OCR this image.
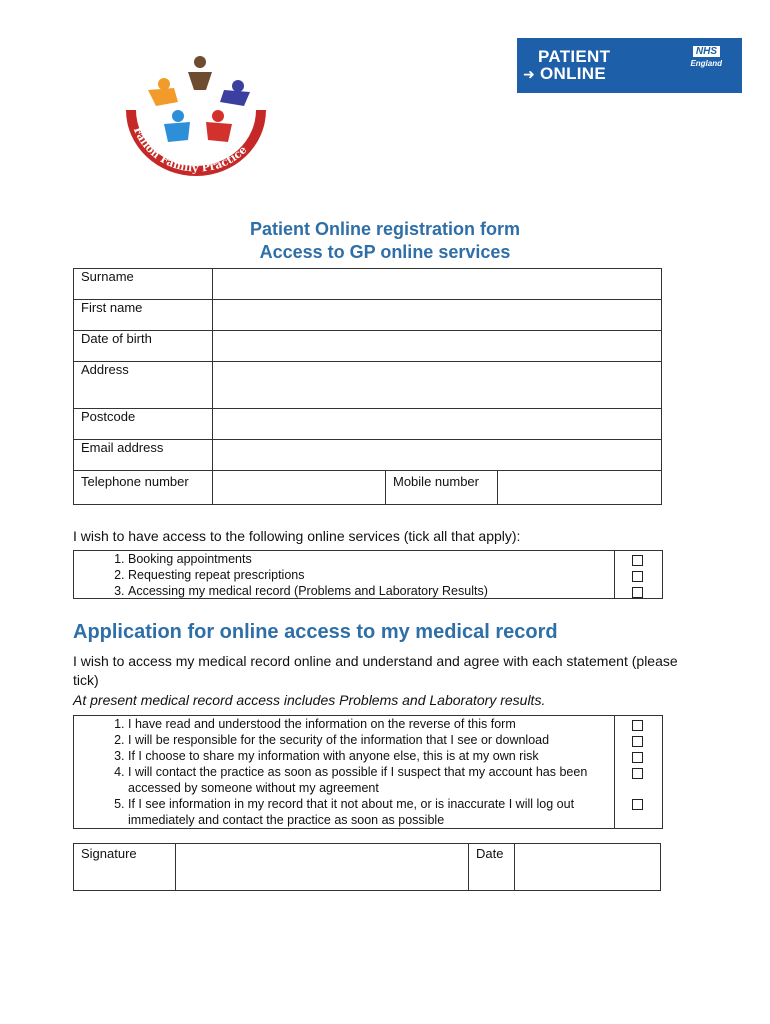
Fallon Family Practice
PATIENT
ONLINE
➜
NHS
England
Patient Online registration form
Access to GP online services
Surname			
First name			
Date of birth			
Address			
Postcode			
Email address			
Telephone number		Mobile number	
I wish to have access to the following online services (tick all that apply):
1. Booking appointments
2. Requesting repeat prescriptions
3. Accessing my medical record (Problems and Laboratory Results)
Application for online access to my medical record
I wish to access my medical record online and understand and agree with each statement (please tick)
At present medical record access includes Problems and Laboratory results.
1. I have read and understood the information on the reverse of this form
2. I will be responsible for the security of the information that I see or download
3. If I choose to share my information with anyone else, this is at my own risk
4. I will contact the practice as soon as possible if I suspect that my account has been accessed by someone without my agreement
5. If I see information in my record that it not about me, or is inaccurate I will log out immediately and contact the practice as soon as possible
Signature		Date	
